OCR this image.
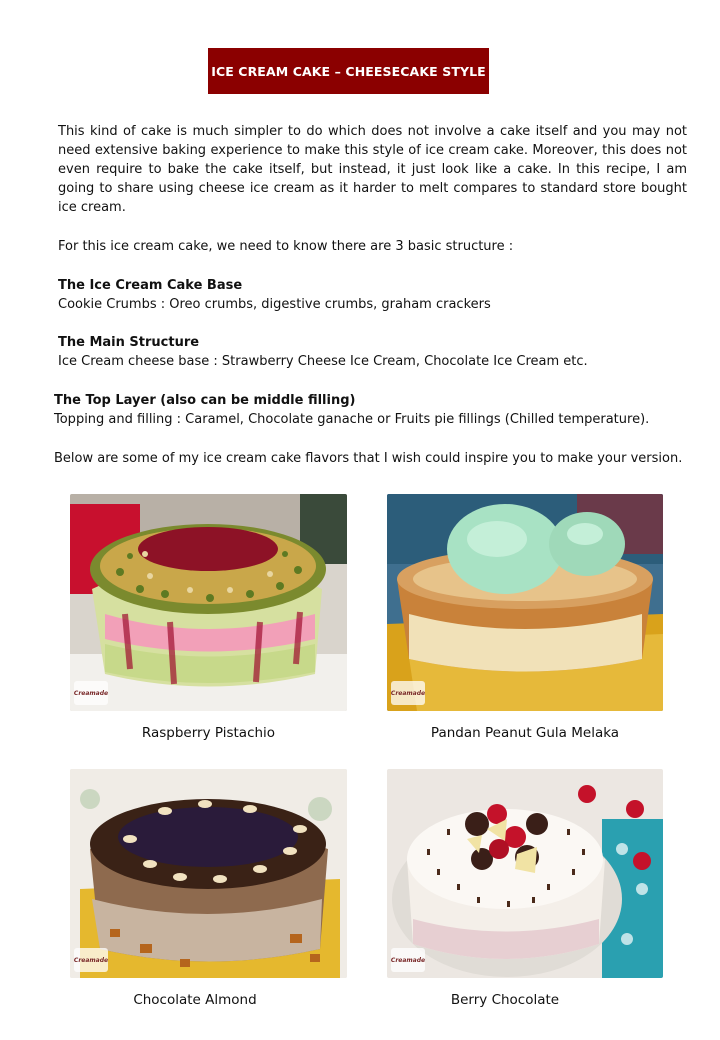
ICE CREAM CAKE – CHEESECAKE STYLE
This kind of cake is much simpler to do which does not involve a cake itself and you may not need extensive baking experience to make this style of ice cream cake. Moreover, this does not even require to bake the cake itself, but instead, it just look like a cake. In this recipe, I am going to share using cheese ice cream as it harder to melt compares to standard store bought ice cream.
For this ice cream cake, we need to know there are 3 basic structure :
The Ice Cream Cake Base
Cookie Crumbs : Oreo crumbs, digestive crumbs, graham crackers
The Main Structure
Ice Cream cheese base : Strawberry Cheese Ice Cream, Chocolate Ice Cream etc.
The Top Layer (also can be middle filling)
Topping and filling : Caramel, Chocolate ganache or Fruits pie fillings (Chilled temperature).
Below are some of my ice cream cake flavors that I wish could inspire you to make your version.
Creamade
Raspberry Pistachio
Creamade
Pandan Peanut Gula Melaka
Creamade
Chocolate Almond
Creamade
Berry Chocolate
